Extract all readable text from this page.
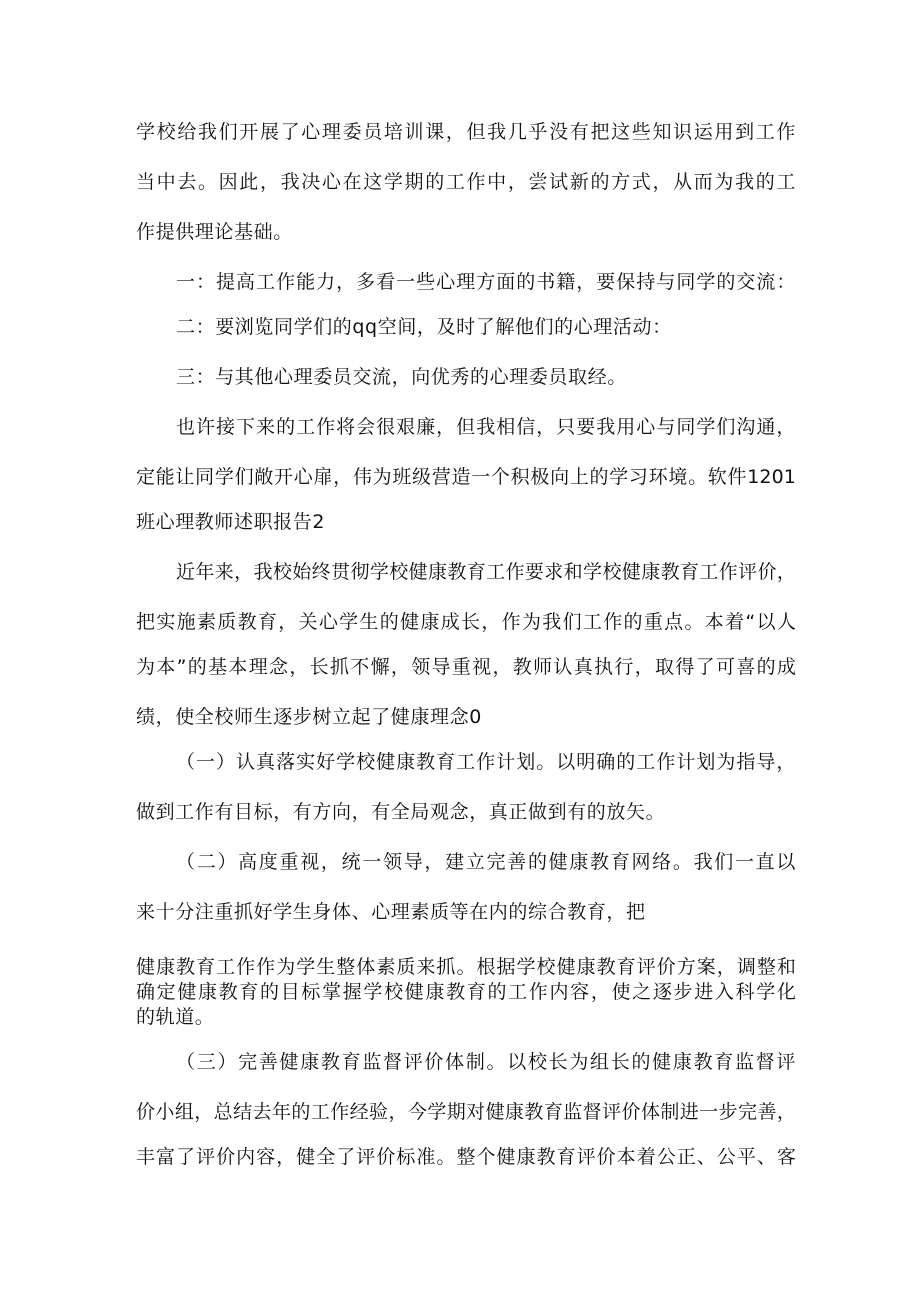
学校给我们开展了心理委员培训课，但我几乎没有把这些知识运用到工作
当中去。因此，我决心在这学期的工作中，尝试新的方式，从而为我的工
作提供理论基础。
一：提高工作能力，多看一些心理方面的书籍，要保持与同学的交流：
二：要浏览同学们的qq空间，及时了解他们的心理活动：
三：与其他心理委员交流，向优秀的心理委员取经。
也许接下来的工作将会很艰廉，但我相信，只要我用心与同学们沟通，
定能让同学们敞开心扉，伟为班级营造一个积极向上的学习环境。软件1201
班心理教师述职报告2
近年来，我校始终贯彻学校健康教育工作要求和学校健康教育工作评价，
把实施素质教育，关心学生的健康成长，作为我们工作的重点。本着“以人
为本”的基本理念，长抓不懈，领导重视，教师认真执行，取得了可喜的成
绩，使全校师生逐步树立起了健康理念0
（一）认真落实好学校健康教育工作计划。以明确的工作计划为指导，
做到工作有目标，有方向，有全局观念，真正做到有的放矢。
（二）高度重视，统一领导，建立完善的健康教育网络。我们一直以
来十分注重抓好学生身体、心理素质等在内的综合教育，把
健康教育工作作为学生整体素质来抓。根据学校健康教育评价方案，调整和
确定健康教育的目标掌握学校健康教育的工作内容，使之逐步进入科学化
的轨道。
（三）完善健康教育监督评价体制。以校长为组长的健康教育监督评
价小组，总结去年的工作经验，今学期对健康教育监督评价体制进一步完善，
丰富了评价内容，健全了评价标准。整个健康教育评价本着公正、公平、客
